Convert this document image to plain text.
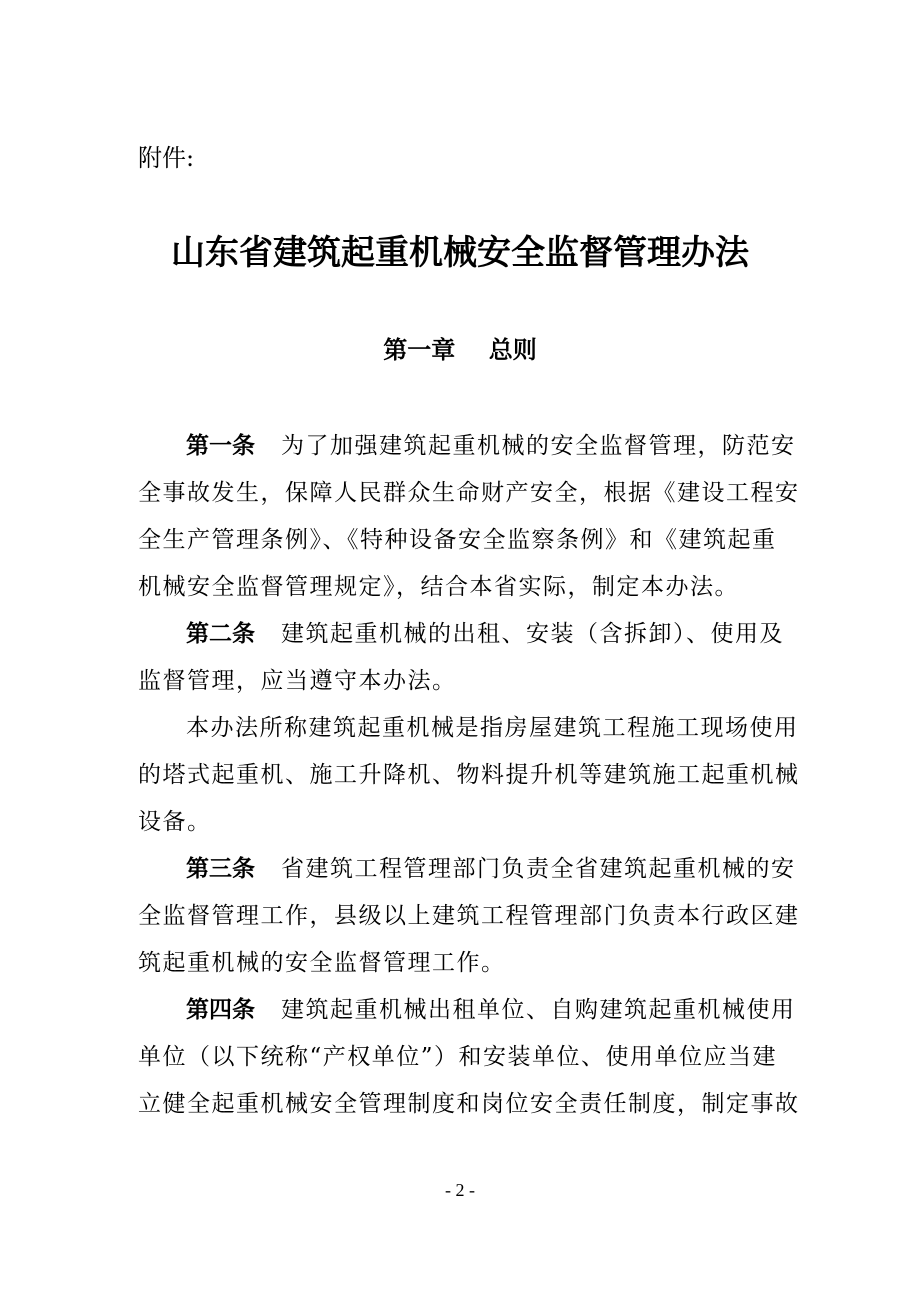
附件:
山东省建筑起重机械安全监督管理办法
第一章    总则

第一条 为了加强建筑起重机械的安全监督管理，防范安全事故发生，保障人民群众生命财产安全，根据《建设工程安全生产管理条例》、《特种设备安全监察条例》和《建筑起重机械安全监督管理规定》，结合本省实际，制定本办法。

第二条 建筑起重机械的出租、安装（含拆卸）、使用及监督管理，应当遵守本办法。

本办法所称建筑起重机械是指房屋建筑工程施工现场使用的塔式起重机、施工升降机、物料提升机等建筑施工起重机械设备。

第三条 省建筑工程管理部门负责全省建筑起重机械的安全监督管理工作，县级以上建筑工程管理部门负责本行政区建筑起重机械的安全监督管理工作。

第四条 建筑起重机械出租单位、自购建筑起重机械使用单位（以下统称“产权单位”）和安装单位、使用单位应当建立健全起重机械安全管理制度和岗位安全责任制度，制定事故

- 2 -
